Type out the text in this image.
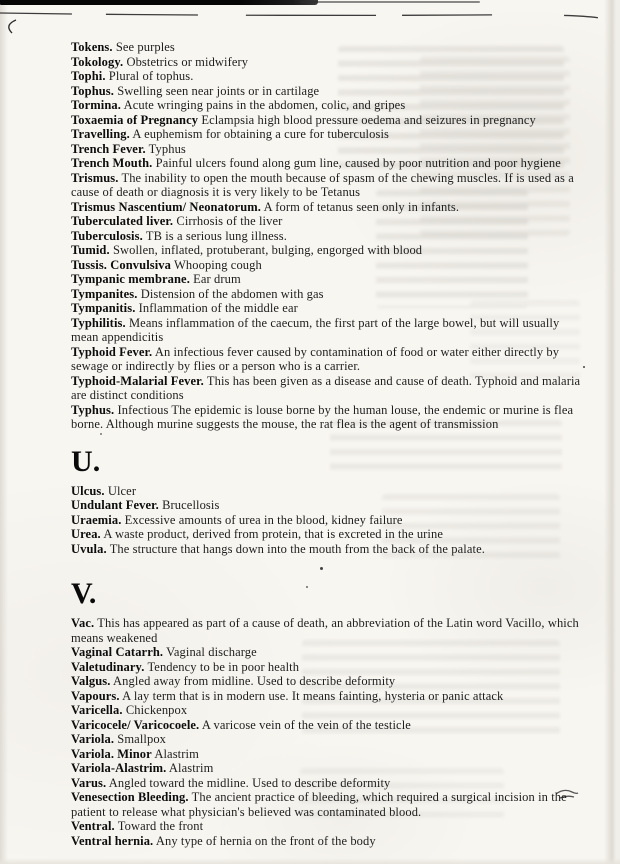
Tokens. See purples

Tokology. Obstetrics or midwifery

Tophi. Plural of tophus.

Tophus. Swelling seen near joints or in cartilage

Tormina. Acute wringing pains in the abdomen, colic, and gripes

Toxaemia of Pregnancy Eclampsia high blood pressure oedema and seizures in pregnancy

Travelling. A euphemism for obtaining a cure for tuberculosis

Trench Fever. Typhus

Trench Mouth. Painful ulcers found along gum line, caused by poor nutrition and poor hygiene

Trismus. The inability to open the mouth because of spasm of the chewing muscles. If is used as a cause of death or diagnosis it is very likely to be Tetanus

Trismus Nascentium/ Neonatorum. A form of tetanus seen only in infants.

Tuberculated liver. Cirrhosis of the liver

Tuberculosis. TB is a serious lung illness.

Tumid. Swollen, inflated, protuberant, bulging, engorged with blood

Tussis. Convulsiva Whooping cough

Tympanic membrane. Ear drum

Tympanites. Distension of the abdomen with gas

Tympanitis. Inflammation of the middle ear

Typhilitis. Means inflammation of the caecum, the first part of the large bowel, but will usually mean appendicitis

Typhoid Fever. An infectious fever caused by contamination of food or water either directly by sewage or indirectly by flies or a person who is a carrier.

Typhoid-Malarial Fever. This has been given as a disease and cause of death. Typhoid and malaria are distinct conditions

Typhus. Infectious The epidemic is louse borne by the human louse, the endemic or murine is flea borne. Although murine suggests the mouse, the rat flea is the agent of transmission

U.

Ulcus. Ulcer

Undulant Fever. Brucellosis

Uraemia. Excessive amounts of urea in the blood, kidney failure

Urea. A waste product, derived from protein, that is excreted in the urine

Uvula. The structure that hangs down into the mouth from the back of the palate.

V.

Vac. This has appeared as part of a cause of death, an abbreviation of the Latin word Vacillo, which means weakened

Vaginal Catarrh. Vaginal discharge

Valetudinary. Tendency to be in poor health

Valgus. Angled away from midline. Used to describe deformity

Vapours. A lay term that is in modern use. It means fainting, hysteria or panic attack

Varicella. Chickenpox

Varicocele/ Varicocoele. A varicose vein of the vein of the testicle

Variola. Smallpox

Variola. Minor Alastrim

Variola-Alastrim. Alastrim

Varus. Angled toward the midline. Used to describe deformity

Venesection Bleeding. The ancient practice of bleeding, which required a surgical incision in the patient to release what physician's believed was contaminated blood.

Ventral. Toward the front

Ventral hernia. Any type of hernia on the front of the body
